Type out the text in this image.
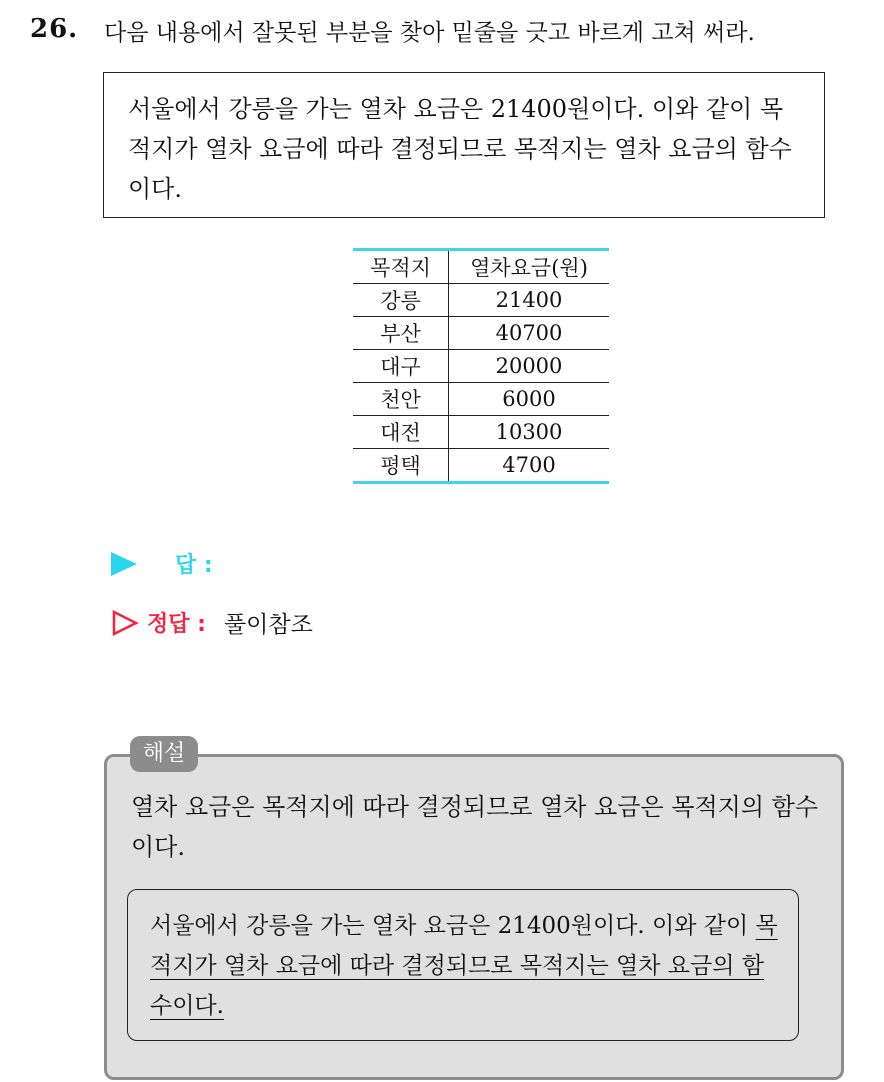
26. 다음 내용에서 잘못된 부분을 찾아 밑줄을 긋고 바르게 고쳐 써라.
서울에서 강릉을 가는 열차 요금은 21400원이다. 이와 같이 목적지가 열차 요금에 따라 결정되므로 목적지는 열차 요금의 함수이다.
목적지	열차요금(원)
강릉	21400
부산	40700
대구	20000
천안	6000
대전	10300
평택	4700
답 :
정답 : 풀이참조
열차 요금은 목적지에 따라 결정되므로 열차 요금은 목적지의 함수이다.
서울에서 강릉을 가는 열차 요금은 21400원이다. 이와 같이 목적지가 열차 요금에 따라 결정되므로 목적지는 열차 요금의 함수이다.
해설
